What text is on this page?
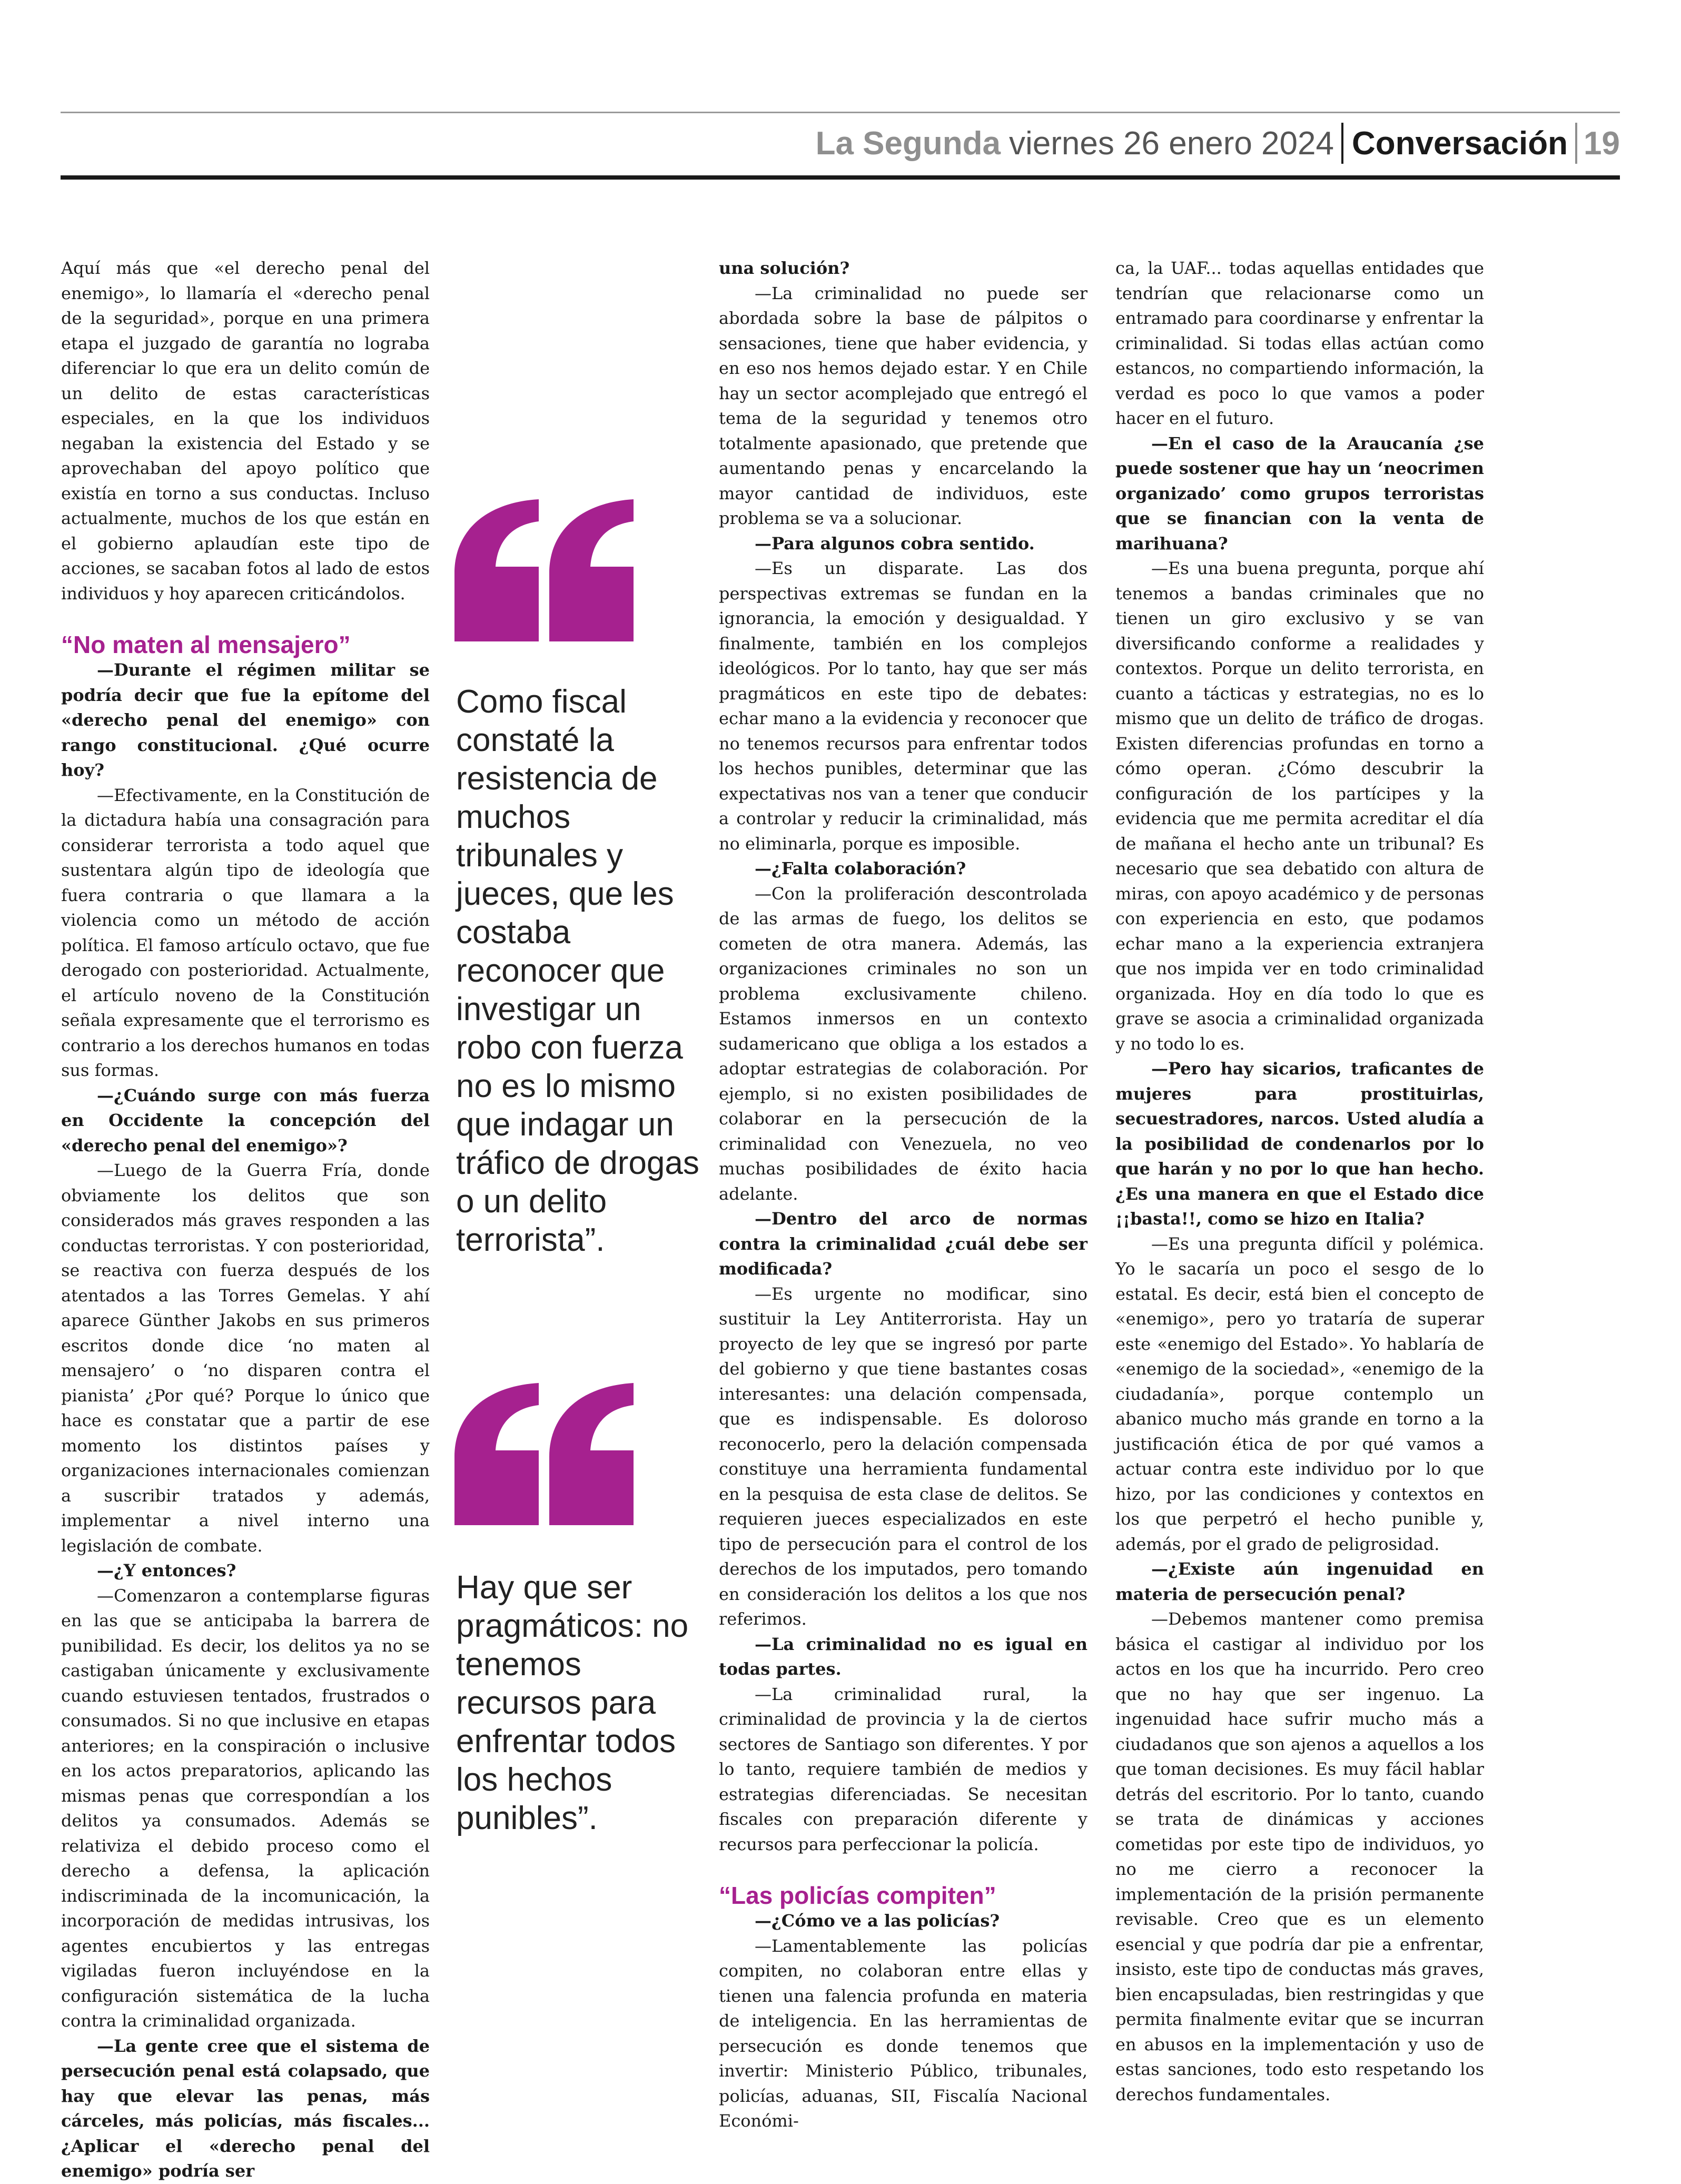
La Segunda viernes 26 enero 2024 Conversación 19

Aquí más que «el derecho penal del enemigo», lo llamaría el «derecho penal de la seguridad», porque en una primera etapa el juzgado de garantía no lograba diferenciar lo que era un delito común de un delito de estas características especiales, en la que los individuos negaban la existencia del Estado y se aprovechaban del apoyo político que existía en torno a sus conductas. Incluso actualmente, muchos de los que están en el gobierno aplaudían este tipo de acciones, se sacaban fotos al lado de estos individuos y hoy aparecen criticándolos.

“No maten al mensajero”

—Durante el régimen militar se podría decir que fue la epítome del «derecho penal del enemigo» con rango constitucional. ¿Qué ocurre hoy?

—Efectivamente, en la Constitución de la dictadura había una consagración para considerar terrorista a todo aquel que sustentara algún tipo de ideología que fuera contraria o que llamara a la violencia como un método de acción política. El famoso artículo octavo, que fue derogado con posterioridad. Actualmente, el artículo noveno de la Constitución señala expresamente que el terrorismo es contrario a los derechos humanos en todas sus formas.

—¿Cuándo surge con más fuerza en Occidente la concepción del «derecho penal del enemigo»?

—Luego de la Guerra Fría, donde obviamente los delitos que son considerados más graves responden a las conductas terroristas. Y con posterioridad, se reactiva con fuerza después de los atentados a las Torres Gemelas. Y ahí aparece Günther Jakobs en sus primeros escritos donde dice ‘no maten al mensajero’ o ‘no disparen contra el pianista’ ¿Por qué? Porque lo único que hace es constatar que a partir de ese momento los distintos países y organizaciones internacionales comienzan a suscribir tratados y además, implementar a nivel interno una legislación de combate.

—¿Y entonces?

—Comenzaron a contemplarse figuras en las que se anticipaba la barrera de punibilidad. Es decir, los delitos ya no se castigaban únicamente y exclusivamente cuando estuviesen tentados, frustrados o consumados. Si no que inclusive en etapas anteriores; en la conspiración o inclusive en los actos preparatorios, aplicando las mismas penas que correspondían a los delitos ya consumados. Además se relativiza el debido proceso como el derecho a defensa, la aplicación indiscriminada de la incomunicación, la incorporación de medidas intrusivas, los agentes encubiertos y las entregas vigiladas fueron incluyéndose en la configuración sistemática de la lucha contra la criminalidad organizada.

—La gente cree que el sistema de persecución penal está colapsado, que hay que elevar las penas, más cárceles, más policías, más fiscales... ¿Aplicar el «derecho penal del enemigo» podría ser

una solución?

—La criminalidad no puede ser abordada sobre la base de pálpitos o sensaciones, tiene que haber evidencia, y en eso nos hemos dejado estar. Y en Chile hay un sector acomplejado que entregó el tema de la seguridad y tenemos otro totalmente apasionado, que pretende que aumentando penas y encarcelando la mayor cantidad de individuos, este problema se va a solucionar.

—Para algunos cobra sentido.

—Es un disparate. Las dos perspectivas extremas se fundan en la ignorancia, la emoción y desigualdad. Y finalmente, también en los complejos ideológicos. Por lo tanto, hay que ser más pragmáticos en este tipo de debates: echar mano a la evidencia y reconocer que no tenemos recursos para enfrentar todos los hechos punibles, determinar que las expectativas nos van a tener que conducir a controlar y reducir la criminalidad, más no eliminarla, porque es imposible.

—¿Falta colaboración?

—Con la proliferación descontrolada de las armas de fuego, los delitos se cometen de otra manera. Además, las organizaciones criminales no son un problema exclusivamente chileno. Estamos inmersos en un contexto sudamericano que obliga a los estados a adoptar estrategias de colaboración. Por ejemplo, si no existen posibilidades de colaborar en la persecución de la criminalidad con Venezuela, no veo muchas posibilidades de éxito hacia adelante.

—Dentro del arco de normas contra la criminalidad ¿cuál debe ser modificada?

—Es urgente no modificar, sino sustituir la Ley Antiterrorista. Hay un proyecto de ley que se ingresó por parte del gobierno y que tiene bastantes cosas interesantes: una delación compensada, que es indispensable. Es doloroso reconocerlo, pero la delación compensada constituye una herramienta fundamental en la pesquisa de esta clase de delitos. Se requieren jueces especializados en este tipo de persecución para el control de los derechos de los imputados, pero tomando en consideración los delitos a los que nos referimos.

—La criminalidad no es igual en todas partes.

—La criminalidad rural, la criminalidad de provincia y la de ciertos sectores de Santiago son diferentes. Y por lo tanto, requiere también de medios y estrategias diferenciadas. Se necesitan fiscales con preparación diferente y recursos para perfeccionar la policía.

“Las policías compiten”

—¿Cómo ve a las policías?

—Lamentablemente las policías compiten, no colaboran entre ellas y tienen una falencia profunda en materia de inteligencia. En las herramientas de persecución es donde tenemos que invertir: Ministerio Público, tribunales, policías, aduanas, SII, Fiscalía Nacional Económi-

ca, la UAF... todas aquellas entidades que tendrían que relacionarse como un entramado para coordinarse y enfrentar la criminalidad. Si todas ellas actúan como estancos, no compartiendo información, la verdad es poco lo que vamos a poder hacer en el futuro.

—En el caso de la Araucanía ¿se puede sostener que hay un ‘neocrimen organizado’ como grupos terroristas que se financian con la venta de marihuana?

—Es una buena pregunta, porque ahí tenemos a bandas criminales que no tienen un giro exclusivo y se van diversificando conforme a realidades y contextos. Porque un delito terrorista, en cuanto a tácticas y estrategias, no es lo mismo que un delito de tráfico de drogas. Existen diferencias profundas en torno a cómo operan. ¿Cómo descubrir la configuración de los partícipes y la evidencia que me permita acreditar el día de mañana el hecho ante un tribunal? Es necesario que sea debatido con altura de miras, con apoyo académico y de personas con experiencia en esto, que podamos echar mano a la experiencia extranjera que nos impida ver en todo criminalidad organizada. Hoy en día todo lo que es grave se asocia a criminalidad organizada y no todo lo es.

—Pero hay sicarios, traficantes de mujeres para prostituirlas, secuestradores, narcos. Usted aludía a la posibilidad de condenarlos por lo que harán y no por lo que han hecho. ¿Es una manera en que el Estado dice ¡¡basta!!, como se hizo en Italia?

—Es una pregunta difícil y polémica. Yo le sacaría un poco el sesgo de lo estatal. Es decir, está bien el concepto de «enemigo», pero yo trataría de superar este «enemigo del Estado». Yo hablaría de «enemigo de la sociedad», «enemigo de la ciudadanía», porque contemplo un abanico mucho más grande en torno a la justificación ética de por qué vamos a actuar contra este individuo por lo que hizo, por las condiciones y contextos en los que perpetró el hecho punible y, además, por el grado de peligrosidad.

—¿Existe aún ingenuidad en materia de persecución penal?

—Debemos mantener como premisa básica el castigar al individuo por los actos en los que ha incurrido. Pero creo que no hay que ser ingenuo. La ingenuidad hace sufrir mucho más a ciudadanos que son ajenos a aquellos a los que toman decisiones. Es muy fácil hablar detrás del escritorio. Por lo tanto, cuando se trata de dinámicas y acciones cometidas por este tipo de individuos, yo no me cierro a reconocer la implementación de la prisión permanente revisable. Creo que es un elemento esencial y que podría dar pie a enfrentar, insisto, este tipo de conductas más graves, bien encapsuladas, bien restringidas y que permita finalmente evitar que se incurran en abusos en la implementación y uso de estas sanciones, todo esto respetando los derechos fundamentales.

Como fiscal constaté la resistencia de muchos tribunales y jueces, que les costaba reconocer que investigar un robo con fuerza no es lo mismo que indagar un tráfico de drogas o un delito terrorista”.
Hay que ser pragmáticos: no tenemos recursos para enfrentar todos los hechos punibles”.
